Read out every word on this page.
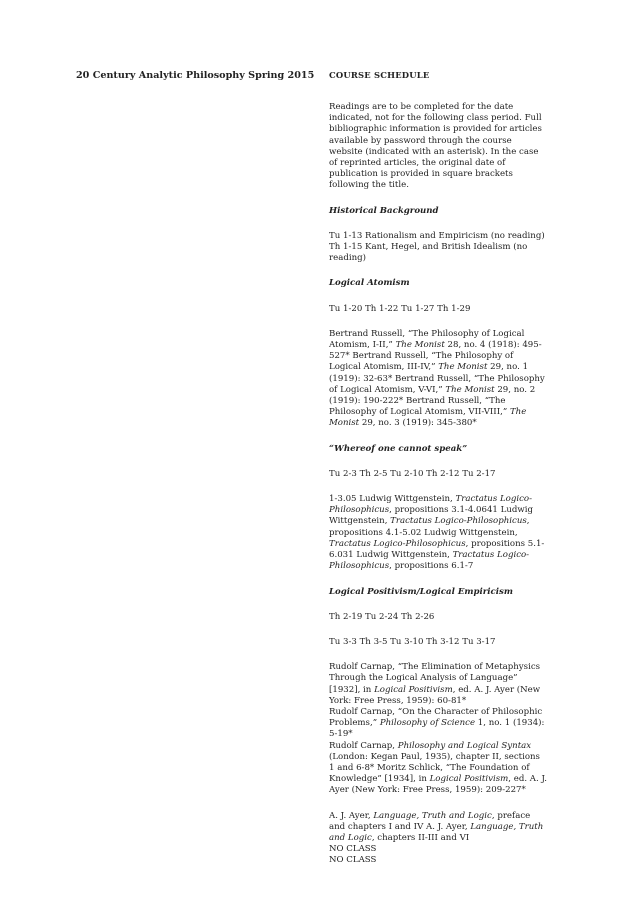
20 Century Analytic Philosophy Spring 2015 COURSE SCHEDULE

Readings are to be completed for the date indicated, not for the following class period. Full bibliographic information is provided for articles available by password through the course website (indicated with an asterisk). In the case of reprinted articles, the original date of publication is provided in square brackets following the title.

Historical Background

Tu 1-13 Rationalism and Empiricism (no reading)
Th 1-15 Kant, Hegel, and British Idealism (no reading)

Logical Atomism

Tu 1-20 Th 1-22 Tu 1-27 Th 1-29

Bertrand Russell, “The Philosophy of Logical Atomism, I-II,” The Monist 28, no. 4 (1918): 495-527* Bertrand Russell, “The Philosophy of Logical Atomism, III-IV,” The Monist 29, no. 1 (1919): 32-63* Bertrand Russell, “The Philosophy of Logical Atomism, V-VI,” The Monist 29, no. 2 (1919): 190-222* Bertrand Russell, “The Philosophy of Logical Atomism, VII-VIII,” The Monist 29, no. 3 (1919): 345-380*

“Whereof one cannot speak”

Tu 2-3 Th 2-5 Tu 2-10 Th 2-12 Tu 2-17

1-3.05 Ludwig Wittgenstein, Tractatus Logico-Philosophicus, propositions 3.1-4.0641 Ludwig Wittgenstein, Tractatus Logico-Philosophicus, propositions 4.1-5.02 Ludwig Wittgenstein, Tractatus Logico-Philosophicus, propositions 5.1-6.031 Ludwig Wittgenstein, Tractatus Logico-Philosophicus, propositions 6.1-7

Logical Positivism/Logical Empiricism

Th 2-19 Tu 2-24 Th 2-26

Tu 3-3 Th 3-5 Tu 3-10 Th 3-12 Tu 3-17

Rudolf Carnap, “The Elimination of Metaphysics Through the Logical Analysis of Language” [1932], in Logical Positivism, ed. A. J. Ayer (New York: Free Press, 1959): 60-81*
Rudolf Carnap, “On the Character of Philosophic Problems,” Philosophy of Science 1, no. 1 (1934): 5-19*
Rudolf Carnap, Philosophy and Logical Syntax (London: Kegan Paul, 1935), chapter II, sections 1 and 6-8* Moritz Schlick, “The Foundation of Knowledge” [1934], in Logical Positivism, ed. A. J. Ayer (New York: Free Press, 1959): 209-227*

A. J. Ayer, Language, Truth and Logic, preface and chapters I and IV A. J. Ayer, Language, Truth and Logic, chapters II-III and VI
NO CLASS
NO CLASS
